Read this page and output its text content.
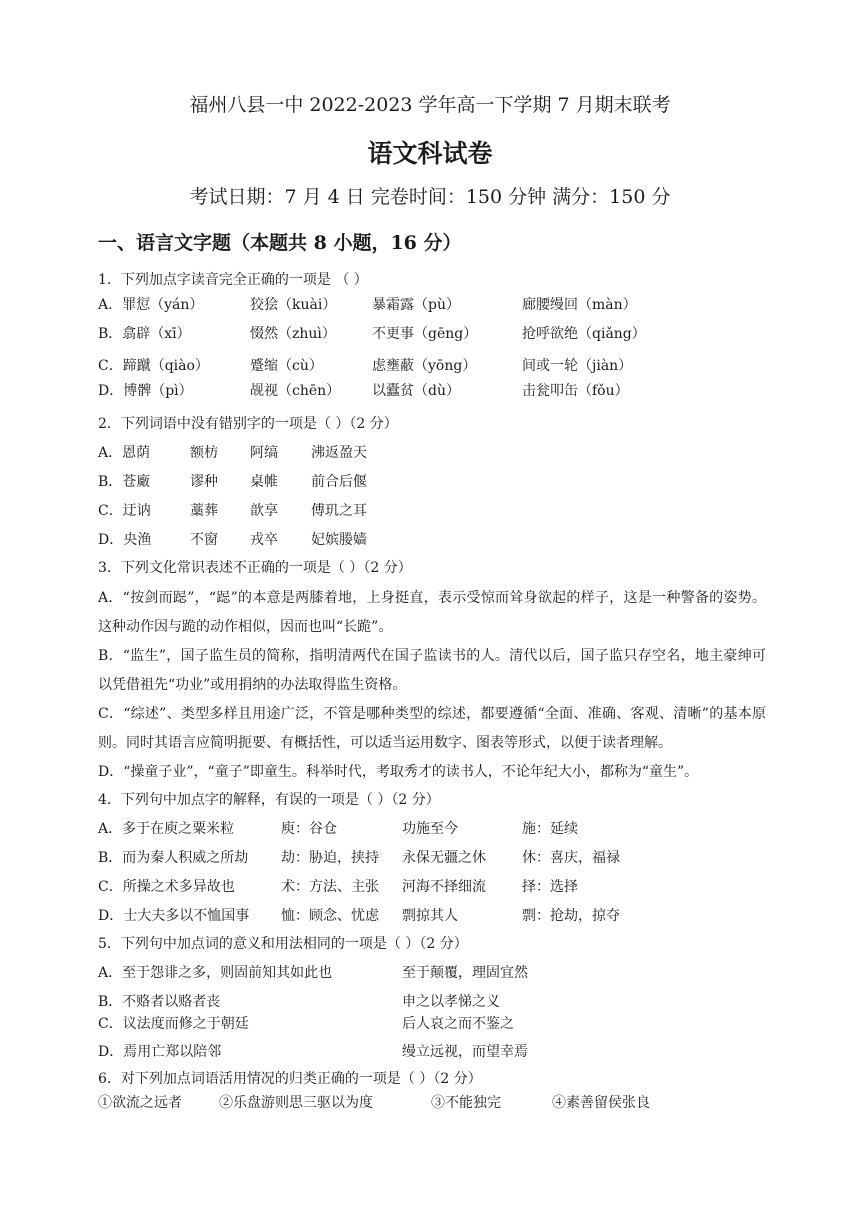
福州八县一中 2022-2023 学年高一下学期 7 月期末联考
语文科试卷
考试日期：7 月 4 日 完卷时间：150 分钟 满分：150 分
一、语言文字题（本题共 8 小题，16 分）
1．下列加点字读音完全正确的一项是 （ ）
A．罪愆（yán）	狡狯（kuài）	暴霜露（pù）	廊腰缦回（màn）
B．翕辟（xī）	惙然（zhuì）	不更事（gēng）	抢呼欲绝（qiǎng）
C．蹄蹴（qiào）	蹙缩（cù）	虑壅蔽（yōng）	间或一轮（jiàn）
D．博髀（pì）	觇视（chēn） 以蠹贫（dù）	击瓮叩缶（fǒu）
2．下列词语中没有错别字的一项是（ ）（2 分）
A．恩荫	额枋 阿缟 沸返盈天
B．苍廠	谬种 桌帷 前合后偃
C．迂讷	藁葬 歆享 傅玑之耳
D．央渔	不窗 戎卒 妃嫔媵嫱
3．下列文化常识表述不正确的一项是（ ）（2 分）
A．“按剑而跽”，“跽”的本意是两膝着地，上身挺直，表示受惊而耸身欲起的样子，这是一种警备的姿势。这种动作因与跪的动作相似，因而也叫“长跪”。
B．“监生”，国子监生员的简称，指明清两代在国子监读书的人。清代以后，国子监只存空名，地主豪绅可以凭借祖先“功业”或用捐纳的办法取得监生资格。
C．“综述”、类型多样且用途广泛，不管是哪种类型的综述，都要遵循“全面、准确、客观、清晰”的基本原则。同时其语言应简明扼要、有概括性，可以适当运用数字、图表等形式，以便于读者理解。
D．“操童子业”，“童子”即童生。科举时代，考取秀才的读书人，不论年纪大小，都称为“童生”。
4．下列句中加点字的解释，有误的一项是（ ）（2 分）
A．多于在庾之粟米粒	庾：谷仓	功施至今	施：延续
B．而为秦人积威之所劫 劫：胁迫，挟持 永保无疆之休	休：喜庆，福禄
C．所操之术多异故也	术：方法、主张 河海不择细流	择：选择
D．士大夫多以不恤国事 恤：顾念、忧虑 剽掠其人	剽：抢劫，掠夺
5．下列句中加点词的意义和用法相同的一项是（ ）（2 分）
A．至于怨诽之多，则固前知其如此也	至于颠覆，理固宜然
B．不赂者以赂者丧	申之以孝悌之义
C．议法度而修之于朝廷	后人哀之而不鉴之
D．焉用亡郑以陪邻	缦立远视，而望幸焉
6．对下列加点词语活用情况的归类正确的一项是（ ）（2 分）
①欲流之远者	②乐盘游则思三驱以为度	③不能独完	④素善留侯张良
